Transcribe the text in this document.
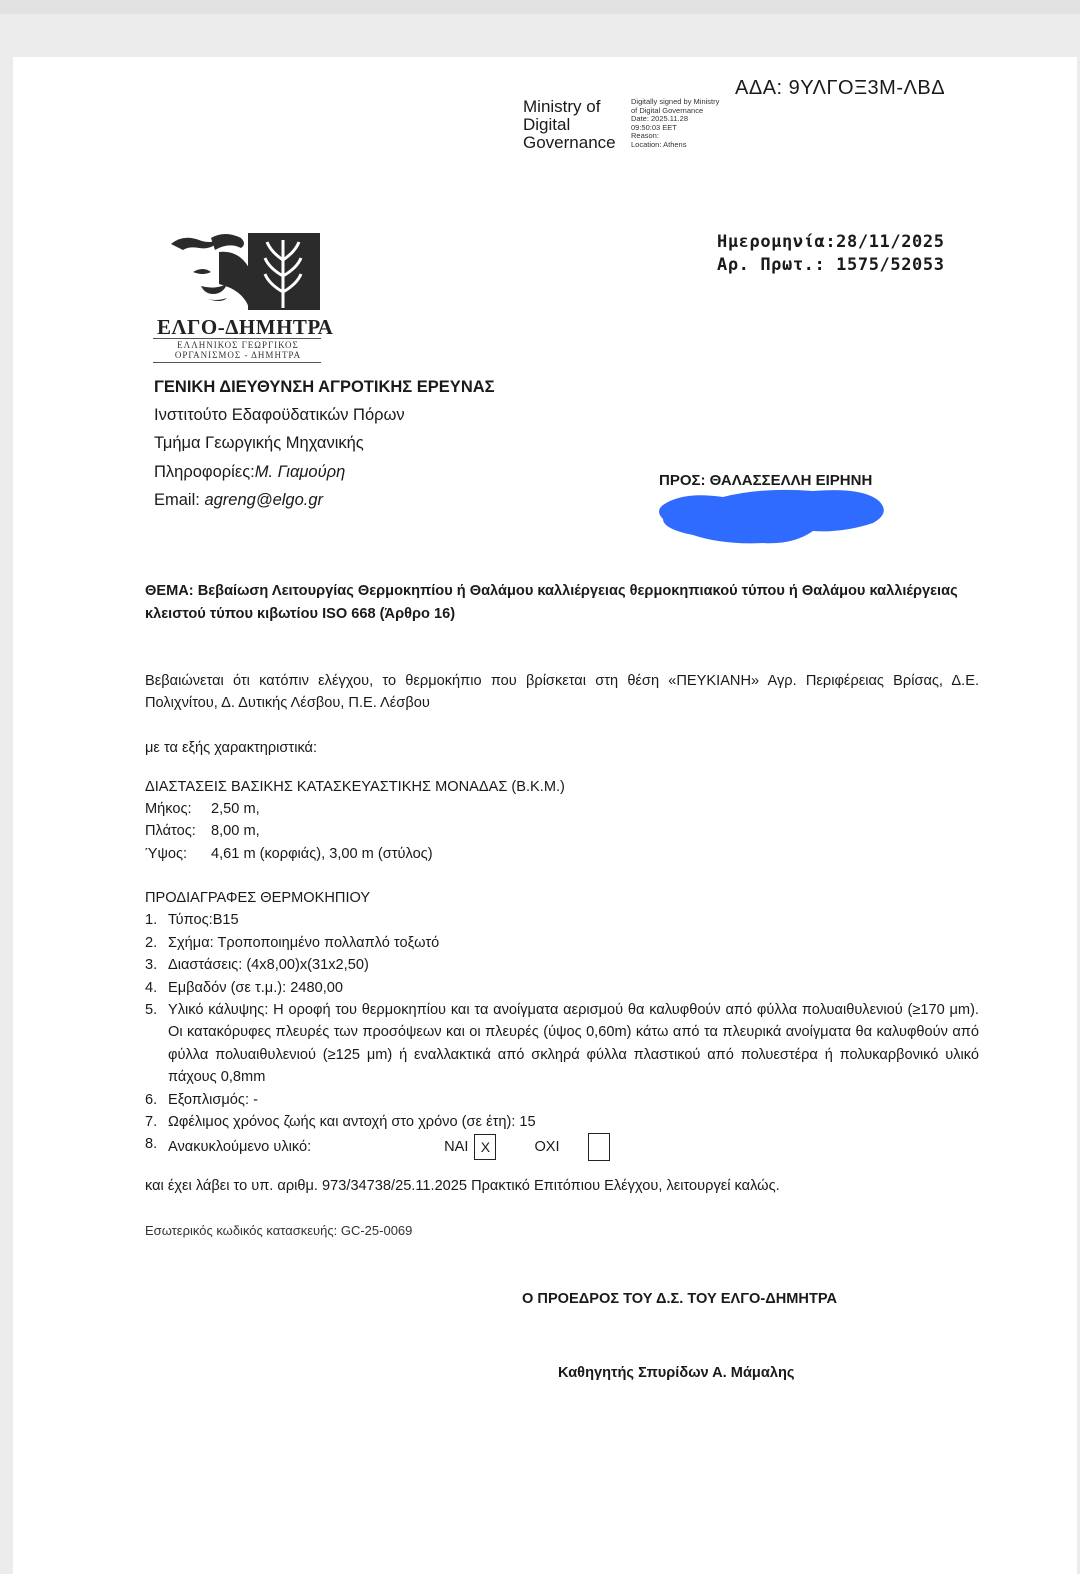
ΑΔΑ: 9ΥΛΓΟΞ3Μ-ΛΒΔ
Ministry of
Digital
Governance
Digitally signed by Ministry
of Digital Governance
Date: 2025.11.28
09:50:03 EET
Reason:
Location: Athens
Ημερομηνία:28/11/2025
Αρ. Πρωτ.: 1575/52053
ΕΛΓΟ-ΔΗΜΗΤΡΑ
ΕΛΛΗΝΙΚΟΣ ΓΕΩΡΓΙΚΟΣ
ΟΡΓΑΝΙΣΜΟΣ - ΔΗΜΗΤΡΑ
ΓΕΝΙΚΗ ΔΙΕΥΘΥΝΣΗ ΑΓΡΟΤΙΚΗΣ ΕΡΕΥΝΑΣ
Ινστιτούτο Εδαφοϋδατικών Πόρων
Τμήμα Γεωργικής Μηχανικής
Πληροφορίες:Μ. Γιαμούρη
Email: agreng@elgo.gr
ΠΡΟΣ: ΘΑΛΑΣΣΕΛΛΗ ΕΙΡΗΝΗ
ΘΕΜΑ: Βεβαίωση Λειτουργίας Θερμοκηπίου ή Θαλάμου καλλιέργειας θερμοκηπιακού τύπου ή Θαλάμου καλλιέργειας κλειστού τύπου κιβωτίου ISO 668 (Άρθρο 16)
Βεβαιώνεται ότι κατόπιν ελέγχου, το θερμοκήπιο που βρίσκεται στη θέση «ΠΕΥΚΙΑΝΗ» Αγρ. Περιφέρειας Βρίσας, Δ.Ε. Πολιχνίτου, Δ. Δυτικής Λέσβου, Π.Ε. Λέσβου
με τα εξής χαρακτηριστικά:
ΔΙΑΣΤΑΣΕΙΣ ΒΑΣΙΚΗΣ ΚΑΤΑΣΚΕΥΑΣΤΙΚΗΣ ΜΟΝΑΔΑΣ (Β.Κ.Μ.)
Μήκος: 2,50 m,
Πλάτος: 8,00 m,
Ύψος: 4,61 m (κορφιάς), 3,00 m (στύλος)
ΠΡΟΔΙΑΓΡΑΦΕΣ ΘΕΡΜΟΚΗΠΙΟΥ
1. Τύπος:Β15
2. Σχήμα: Τροποποιημένο πολλαπλό τοξωτό
3. Διαστάσεις: (4x8,00)x(31x2,50)
4. Εμβαδόν (σε τ.μ.): 2480,00
5. Υλικό κάλυψης: Η οροφή του θερμοκηπίου και τα ανοίγματα αερισμού θα καλυφθούν από φύλλα πολυαιθυλενιού (≥170 μm). Οι κατακόρυφες πλευρές των προσόψεων και οι πλευρές (ύψος 0,60m) κάτω από τα πλευρικά ανοίγματα θα καλυφθούν από φύλλα πολυαιθυλενιού (≥125 μm) ή εναλλακτικά από σκληρά φύλλα πλαστικού από πολυεστέρα ή πολυκαρβονικό υλικό πάχους 0,8mm
6. Εξοπλισμός: -
7. Ωφέλιμος χρόνος ζωής και αντοχή στο χρόνο (σε έτη): 15
8. Ανακυκλούμενο υλικό:	ΝΑΙ X
	ΟΧΙ
και έχει λάβει το υπ. αριθμ. 973/34738/25.11.2025 Πρακτικό Επιτόπιου Ελέγχου, λειτουργεί καλώς.
Εσωτερικός κωδικός κατασκευής: GC-25-0069
Ο ΠΡΟΕΔΡΟΣ ΤΟΥ Δ.Σ. ΤΟΥ ΕΛΓΟ-ΔΗΜΗΤΡΑ
Καθηγητής Σπυρίδων Α. Μάμαλης
